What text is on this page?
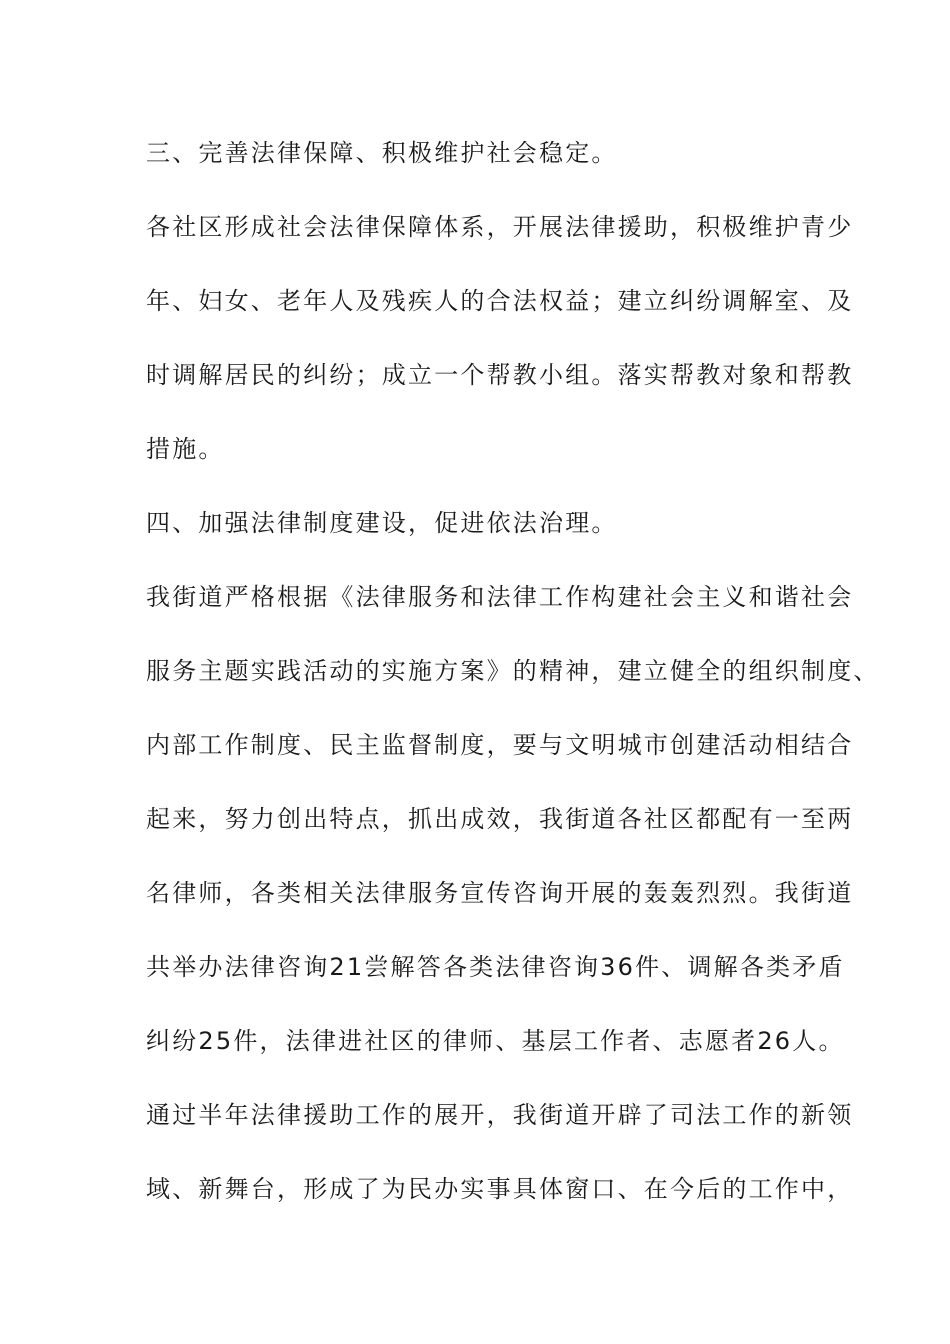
三、完善法律保障、积极维护社会稳定。
各社区形成社会法律保障体系，开展法律援助，积极维护青少
年、妇女、老年人及残疾人的合法权益；建立纠纷调解室、及
时调解居民的纠纷；成立一个帮教小组。落实帮教对象和帮教
措施。
四、加强法律制度建设，促进依法治理。
我街道严格根据《法律服务和法律工作构建社会主义和谐社会
服务主题实践活动的实施方案》的精神，建立健全的组织制度、
内部工作制度、民主监督制度，要与文明城市创建活动相结合
起来，努力创出特点，抓出成效，我街道各社区都配有一至两
名律师，各类相关法律服务宣传咨询开展的轰轰烈烈。我街道
共举办法律咨询21尝解答各类法律咨询36件、调解各类矛盾
纠纷25件，法律进社区的律师、基层工作者、志愿者26人。
通过半年法律援助工作的展开，我街道开辟了司法工作的新领
域、新舞台，形成了为民办实事具体窗口、在今后的工作中，
